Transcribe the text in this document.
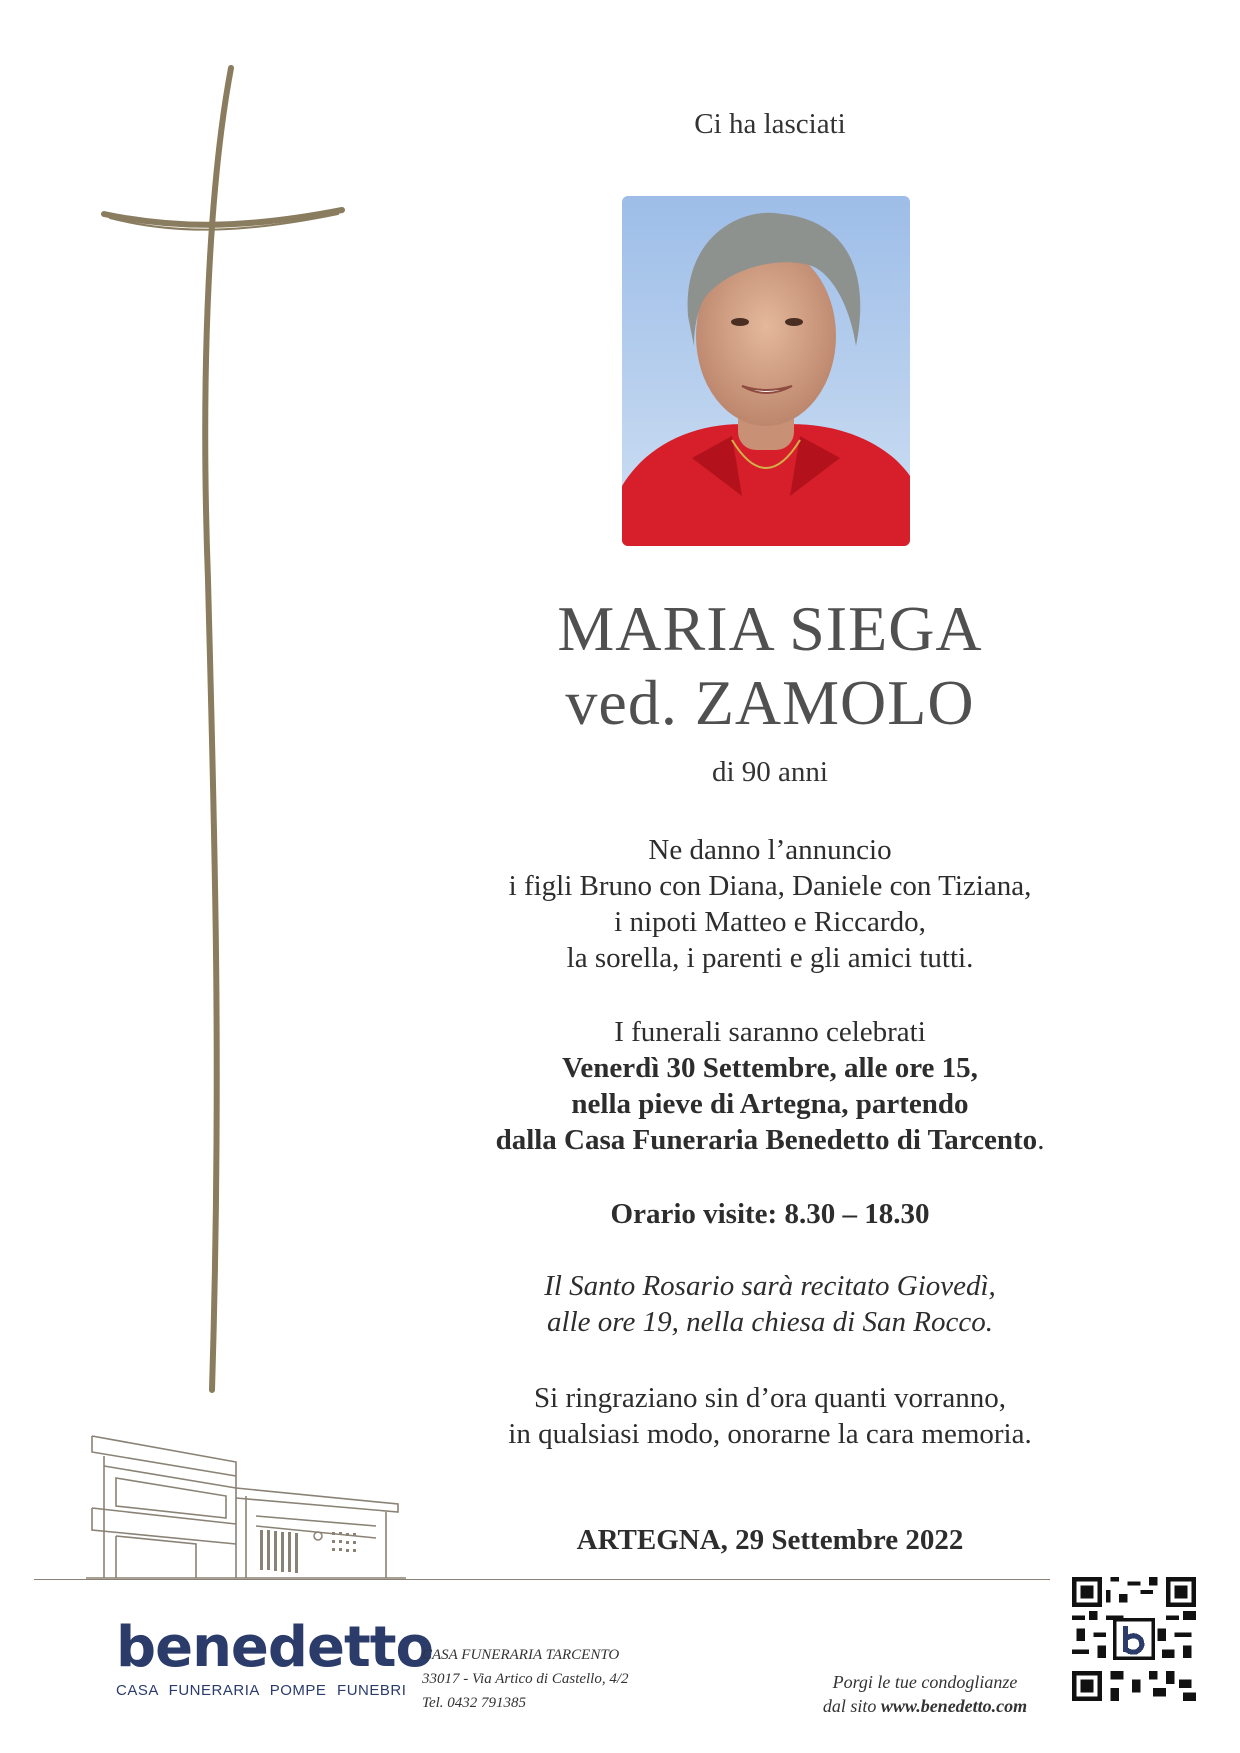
Ci ha lasciati
MARIA SIEGA
ved. ZAMOLO
di 90 anni
Ne danno l’annuncio
i figli Bruno con Diana, Daniele con Tiziana,
i nipoti Matteo e Riccardo,
la sorella, i parenti e gli amici tutti.
I funerali saranno celebrati
Venerdì 30 Settembre, alle ore 15,
nella pieve di Artegna, partendo
dalla Casa Funeraria Benedetto di Tarcento.
Orario visite: 8.30 – 18.30
Il Santo Rosario sarà recitato Giovedì,
alle ore 19, nella chiesa di San Rocco.
Si ringraziano sin d’ora quanti vorranno,
in qualsiasi modo, onorarne la cara memoria.
ARTEGNA, 29 Settembre 2022
benedetto
CASA FUNERARIA POMPE FUNEBRI
CASA FUNERARIA TARCENTO
33017 - Via Artico di Castello, 4/2
Tel. 0432 791385
Porgi le tue condoglianze
dal sito www.benedetto.com
